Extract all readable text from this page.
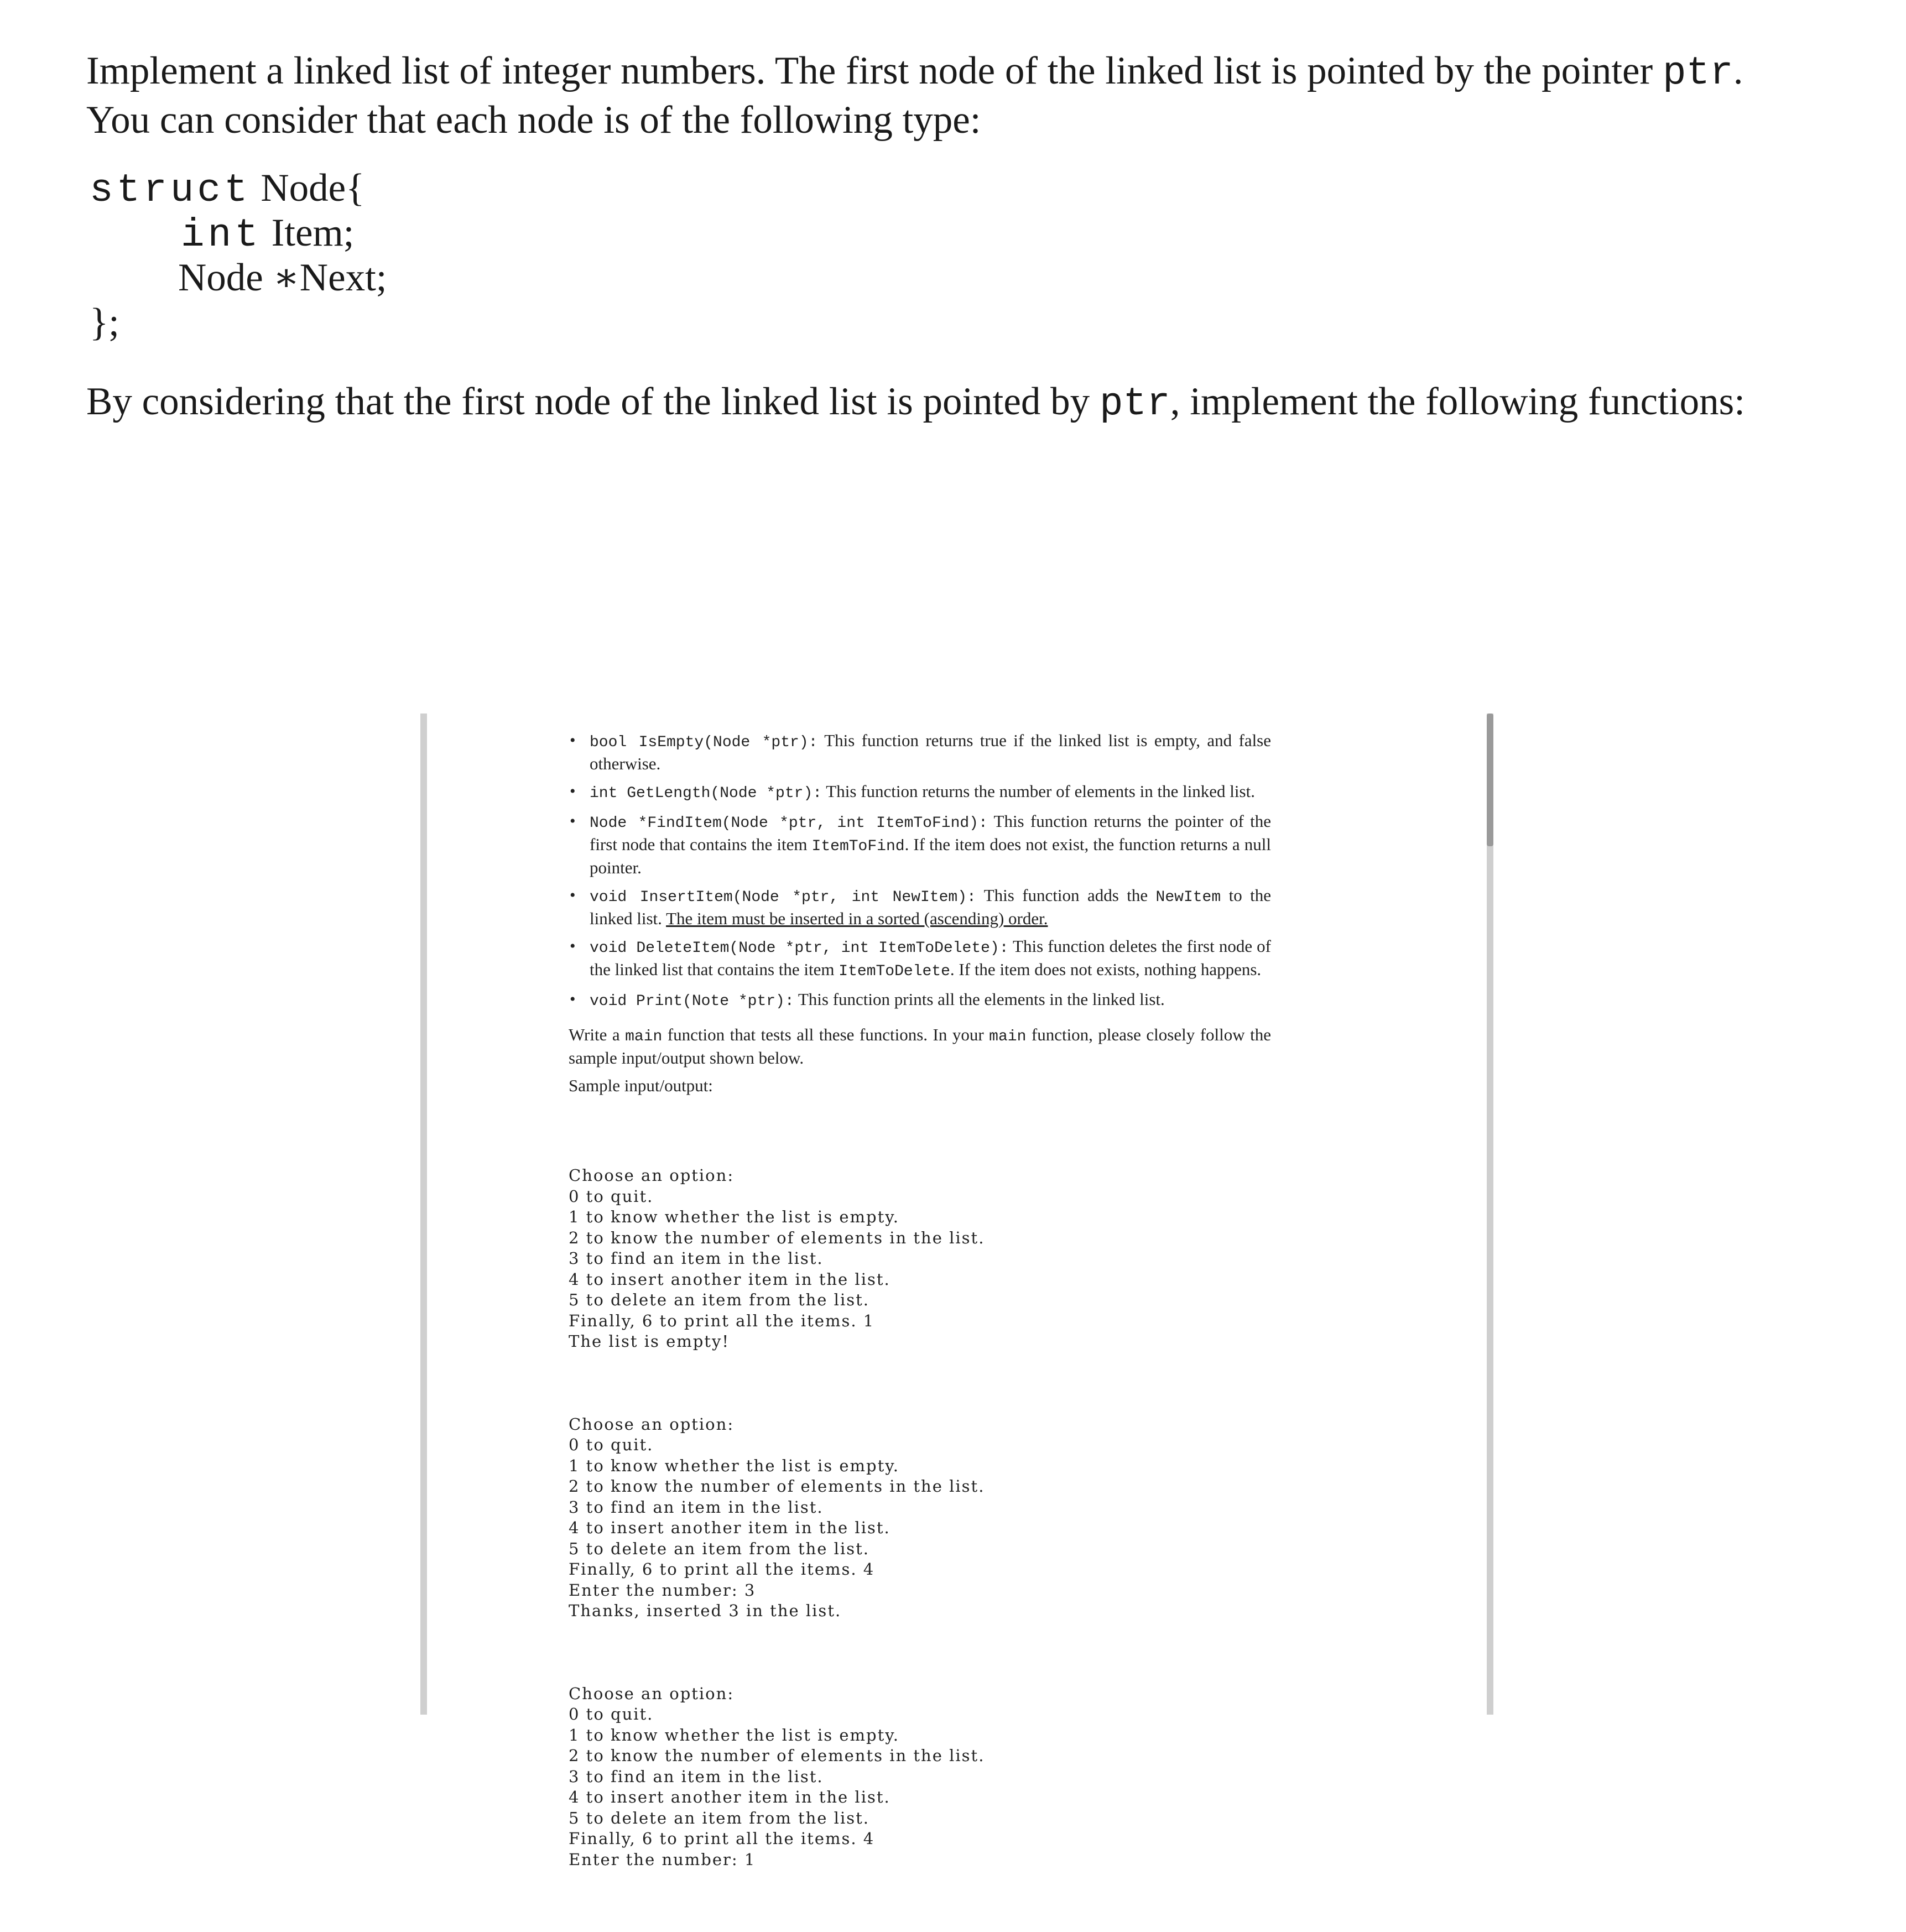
Implement a linked list of integer numbers. The first node of the linked list is pointed by the pointer ptr.

You can consider that each node is of the following type:

struct Node{
int Item;
Node ∗Next;
};
By considering that the first node of the linked list is pointed by ptr, implement the following functions:
• bool IsEmpty(Node *ptr): This function returns true if the linked list is empty, and false otherwise.
• int GetLength(Node *ptr): This function returns the number of elements in the linked list.
• Node *FindItem(Node *ptr, int ItemToFind): This function returns the pointer of the first node that contains the item ItemToFind. If the item does not exist, the function returns a null pointer.
• void InsertItem(Node *ptr, int NewItem): This function adds the NewItem to the linked list. The item must be inserted in a sorted (ascending) order.
• void DeleteItem(Node *ptr, int ItemToDelete): This function deletes the first node of the linked list that contains the item ItemToDelete. If the item does not exists, nothing happens.
• void Print(Note *ptr): This function prints all the elements in the linked list.

Write a main function that tests all these functions. In your main function, please closely follow the sample input/output shown below.

Sample input/output:

Choose an option:
0 to quit.
1 to know whether the list is empty.
2 to know the number of elements in the list.
3 to find an item in the list.
4 to insert another item in the list.
5 to delete an item from the list.
Finally, 6 to print all the items. 1
The list is empty!

Choose an option:
0 to quit.
1 to know whether the list is empty.
2 to know the number of elements in the list.
3 to find an item in the list.
4 to insert another item in the list.
5 to delete an item from the list.
Finally, 6 to print all the items. 4
Enter the number: 3
Thanks, inserted 3 in the list.

Choose an option:
0 to quit.
1 to know whether the list is empty.
2 to know the number of elements in the list.
3 to find an item in the list.
4 to insert another item in the list.
5 to delete an item from the list.
Finally, 6 to print all the items. 4
Enter the number: 1
